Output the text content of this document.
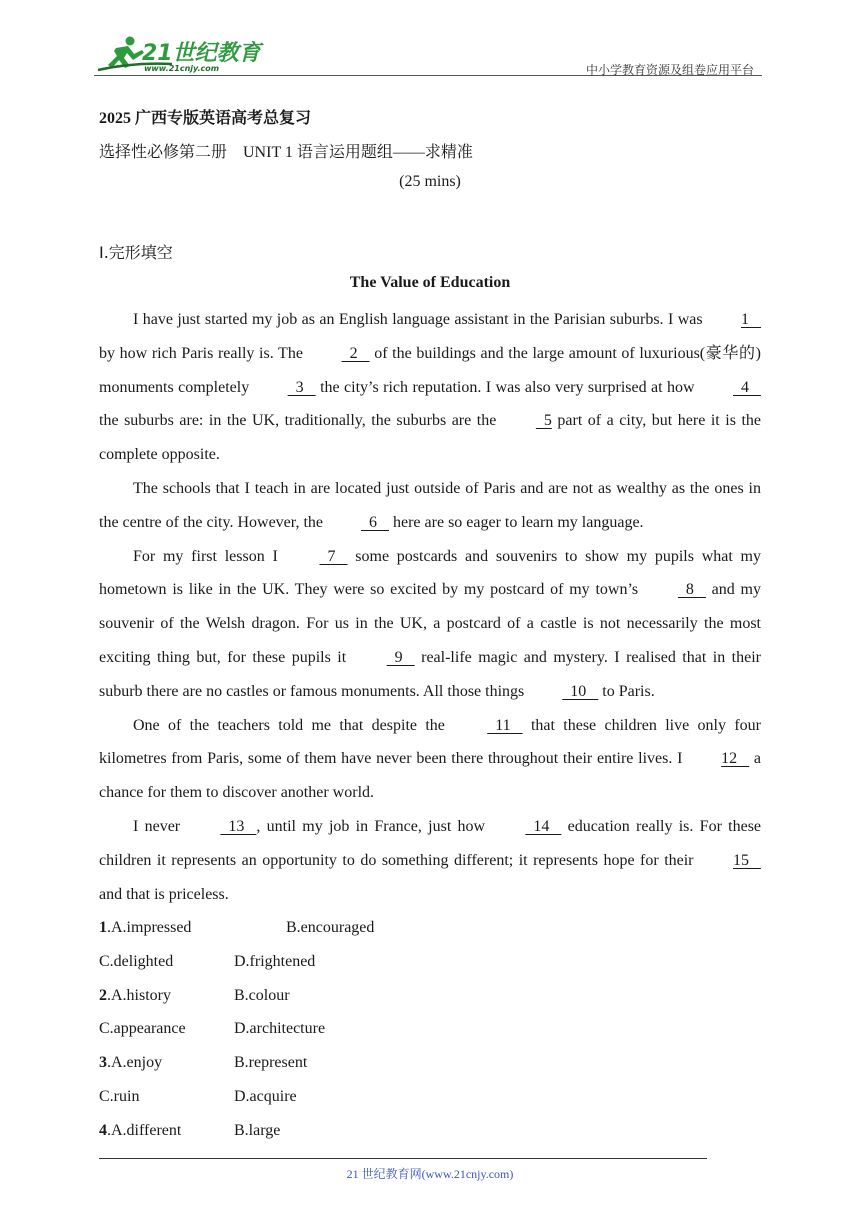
21世纪教育
www.21cnjy.com	中小学教育资源及组卷应用平台
2025 广西专版英语高考总复习
选择性必修第二册    UNIT 1 语言运用题组——求精准
(25 mins)
Ⅰ.完形填空
The Value of Education

I have just started my job as an English language assistant in the Parisian suburbs. I was 1    by how rich Paris really is. The   2    of the buildings and the large amount of luxurious(豪华的) monuments completely   3    the city’s rich reputation. I was also very surprised at how   4    the suburbs are: in the UK, traditionally, the suburbs are the   5 part of a city, but here it is the complete opposite.

The schools that I teach in are located just outside of Paris and are not as wealthy as the ones in the centre of the city. However, the   6    here are so eager to learn my language.

For my first lesson I   7    some postcards and souvenirs to show my pupils what my hometown is like in the UK. They were so excited by my postcard of my town’s   8    and my souvenir of the Welsh dragon. For us in the UK, a postcard of a castle is not necessarily the most exciting thing but, for these pupils it   9    real-life magic and mystery. I realised that in their suburb there are no castles or famous monuments. All those things   10    to Paris.

One of the teachers told me that despite the   11    that these children live only four kilometres from Paris, some of them have never been there throughout their entire lives. I 12    a chance for them to discover another world.

I never   13   , until my job in France, just how   14    education really is. For these children it represents an opportunity to do something different; it represents hope for their 15    and that is priceless.

1.A.impressed	B.encouraged
C.delighted	D.frightened
2.A.history	B.colour
C.appearance	D.architecture
3.A.enjoy	B.represent
C.ruin	D.acquire
4.A.different	B.large
21 世纪教育网(www.21cnjy.com)
